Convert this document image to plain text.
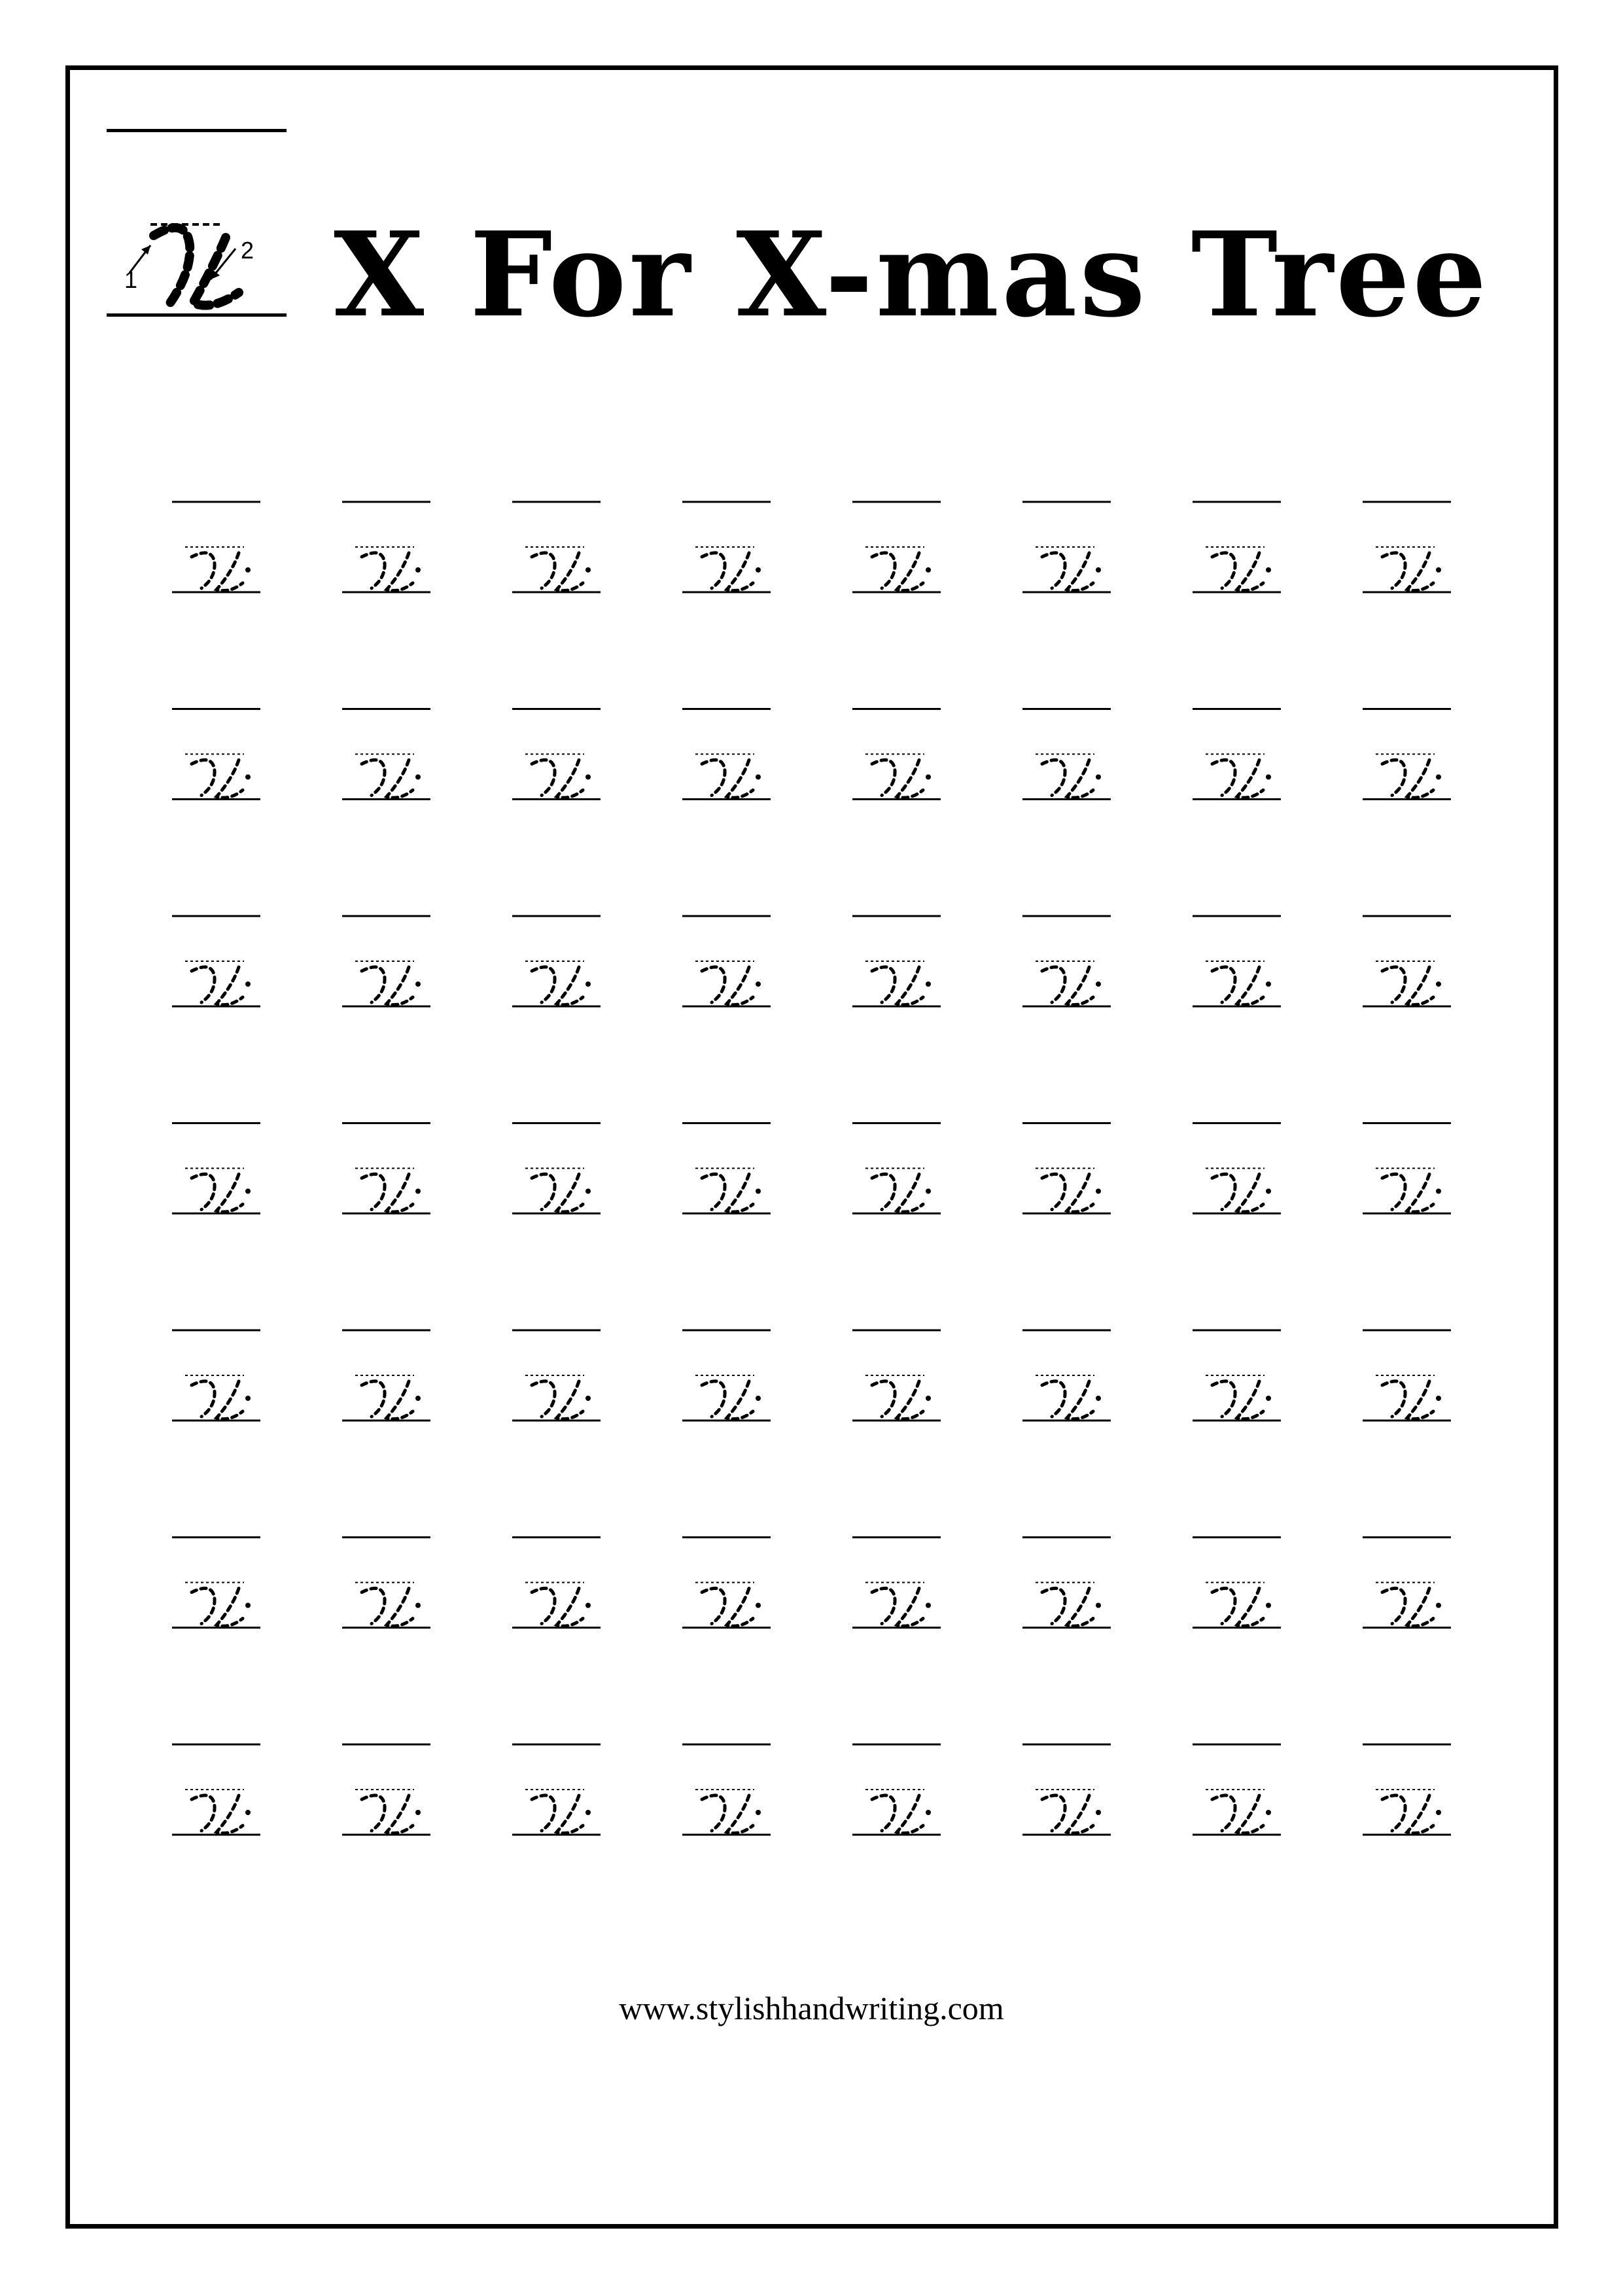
1
2 X For X-mas Tree
www.stylishhandwriting.com
